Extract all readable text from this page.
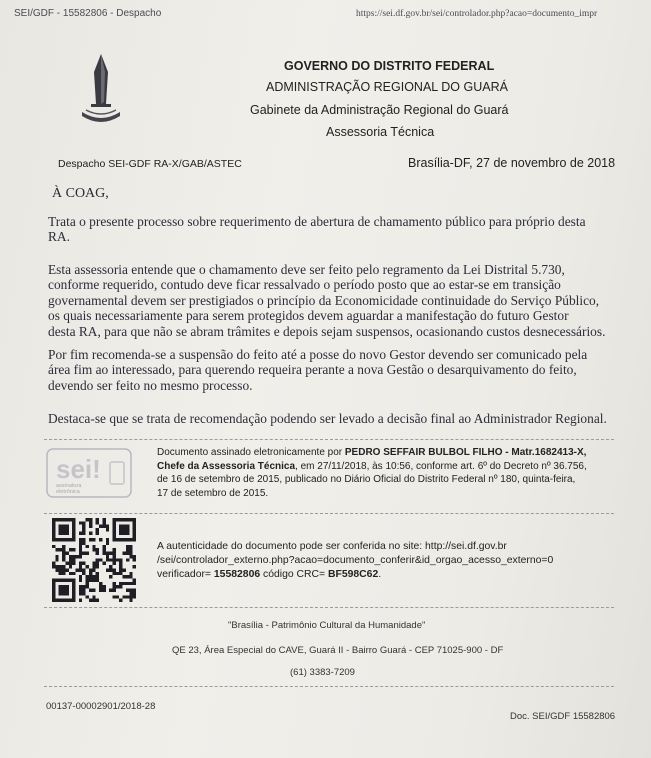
SEI/GDF - 15582806 - Despacho	https://sei.df.gov.br/sei/controlador.php?acao=documento_impr
GOVERNO DO DISTRITO FEDERAL
ADMINISTRAÇÃO REGIONAL DO GUARÁ
Gabinete da Administração Regional do Guará
Assessoria Técnica
Despacho SEI-GDF RA-X/GAB/ASTEC	Brasília-DF, 27 de novembro de 2018
À COAG,
Trata o presente processo sobre requerimento de abertura de chamamento público para próprio desta
RA.
Esta assessoria entende que o chamamento deve ser feito pelo regramento da Lei Distrital 5.730,
conforme requerido, contudo deve ficar ressalvado o período posto que ao estar-se em transição
governamental devem ser prestigiados o princípio da Economicidade continuidade do Serviço Público,
os quais necessariamente para serem protegidos devem aguardar a manifestação do futuro Gestor
desta RA, para que não se abram trâmites e depois sejam suspensos, ocasionando custos desnecessários.
Por fim recomenda-se a suspensão do feito até a posse do novo Gestor devendo ser comunicado pela
área fim ao interessado, para querendo requeira perante a nova Gestão o desarquivamento do feito,
devendo ser feito no mesmo processo.
Destaca-se que se trata de recomendação podendo ser levado a decisão final ao Administrador Regional.
sei!
assinatura
eletrônica
Documento assinado eletronicamente por PEDRO SEFFAIR BULBOL FILHO - Matr.1682413-X,
Chefe da Assessoria Técnica, em 27/11/2018, às 10:56, conforme art. 6º do Decreto nº 36.756,
de 16 de setembro de 2015, publicado no Diário Oficial do Distrito Federal nº 180, quinta-feira,
17 de setembro de 2015.
A autenticidade do documento pode ser conferida no site: http://sei.df.gov.br
/sei/controlador_externo.php?acao=documento_conferir&id_orgao_acesso_externo=0
verificador= 15582806 código CRC= BF598C62.
"Brasília - Patrimônio Cultural da Humanidade"
QE 23, Área Especial do CAVE, Guará II - Bairro Guará - CEP 71025-900 - DF
(61) 3383-7209
00137-00002901/2018-28
Doc. SEI/GDF 15582806
